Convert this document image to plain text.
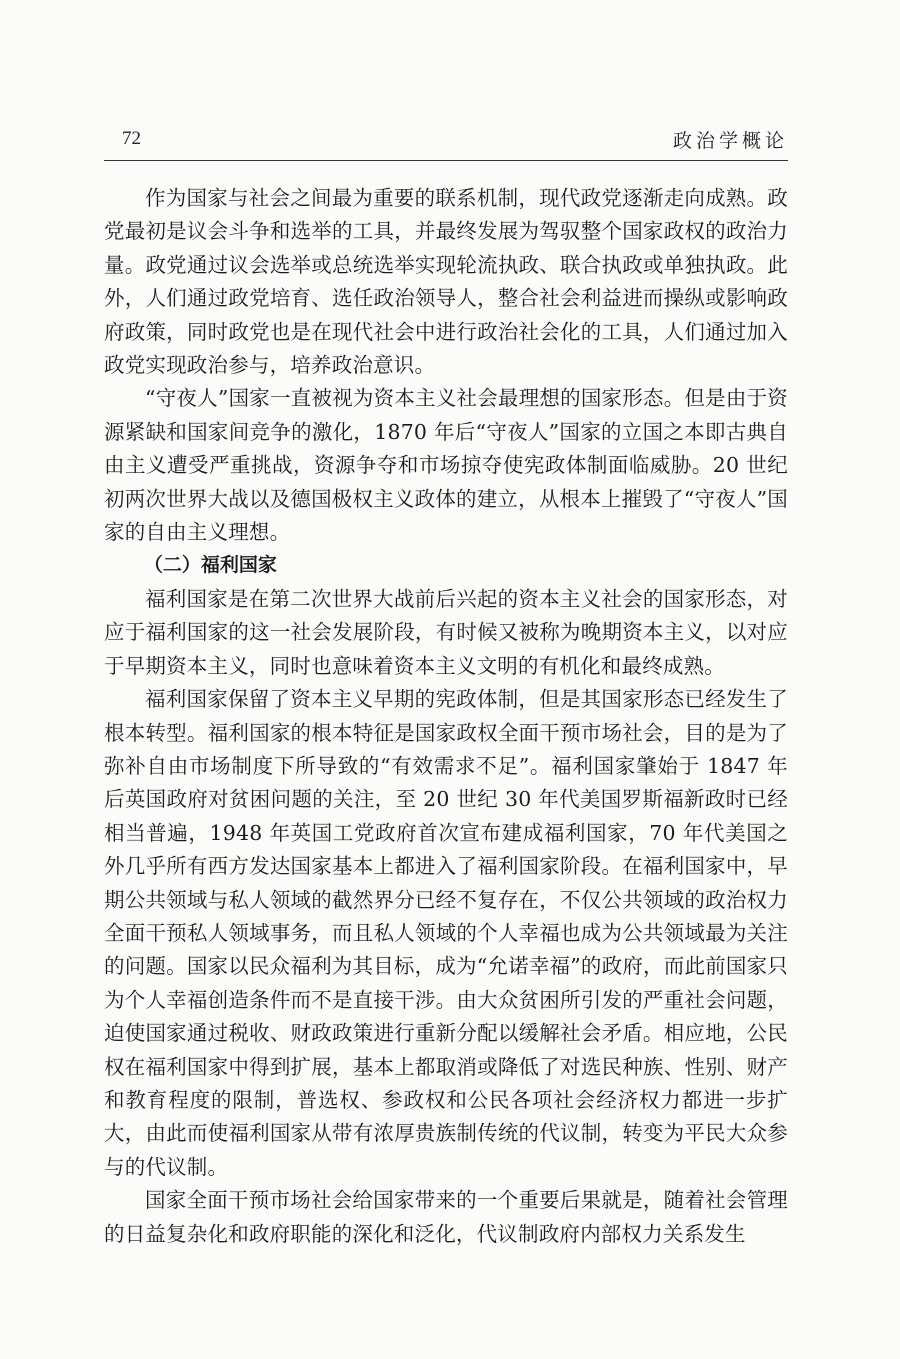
72	政治学概论

作为国家与社会之间最为重要的联系机制，现代政党逐渐走向成熟。政党最初是议会斗争和选举的工具，并最终发展为驾驭整个国家政权的政治力量。政党通过议会选举或总统选举实现轮流执政、联合执政或单独执政。此外，人们通过政党培育、选任政治领导人，整合社会利益进而操纵或影响政府政策，同时政党也是在现代社会中进行政治社会化的工具，人们通过加入政党实现政治参与，培养政治意识。

“守夜人”国家一直被视为资本主义社会最理想的国家形态。但是由于资源紧缺和国家间竞争的激化，1870 年后“守夜人”国家的立国之本即古典自由主义遭受严重挑战，资源争夺和市场掠夺使宪政体制面临威胁。20 世纪初两次世界大战以及德国极权主义政体的建立，从根本上摧毁了“守夜人”国家的自由主义理想。

（二）福利国家

福利国家是在第二次世界大战前后兴起的资本主义社会的国家形态，对应于福利国家的这一社会发展阶段，有时候又被称为晚期资本主义，以对应于早期资本主义，同时也意味着资本主义文明的有机化和最终成熟。

福利国家保留了资本主义早期的宪政体制，但是其国家形态已经发生了根本转型。福利国家的根本特征是国家政权全面干预市场社会，目的是为了弥补自由市场制度下所导致的“有效需求不足”。福利国家肇始于 1847 年后英国政府对贫困问题的关注，至 20 世纪 30 年代美国罗斯福新政时已经相当普遍，1948 年英国工党政府首次宣布建成福利国家，70 年代美国之外几乎所有西方发达国家基本上都进入了福利国家阶段。在福利国家中，早期公共领域与私人领域的截然界分已经不复存在，不仅公共领域的政治权力全面干预私人领域事务，而且私人领域的个人幸福也成为公共领域最为关注的问题。国家以民众福利为其目标，成为“允诺幸福”的政府，而此前国家只为个人幸福创造条件而不是直接干涉。由大众贫困所引发的严重社会问题，迫使国家通过税收、财政政策进行重新分配以缓解社会矛盾。相应地，公民权在福利国家中得到扩展，基本上都取消或降低了对选民种族、性别、财产和教育程度的限制，普选权、参政权和公民各项社会经济权力都进一步扩大，由此而使福利国家从带有浓厚贵族制传统的代议制，转变为平民大众参与的代议制。

国家全面干预市场社会给国家带来的一个重要后果就是，随着社会管理的日益复杂化和政府职能的深化和泛化，代议制政府内部权力关系发生
